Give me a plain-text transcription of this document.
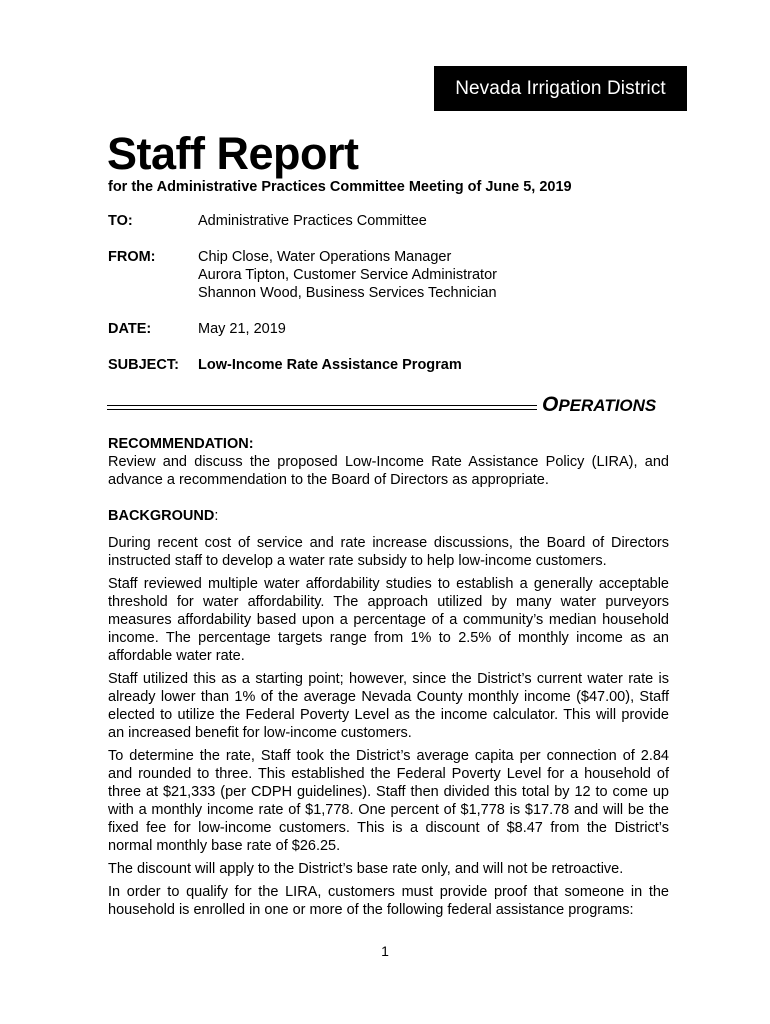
Nevada Irrigation District
Staff Report
for the Administrative Practices Committee Meeting of June 5, 2019
TO:	Administrative Practices Committee
FROM:	Chip Close, Water Operations Manager
Aurora Tipton, Customer Service Administrator
Shannon Wood, Business Services Technician
DATE:	May 21, 2019
SUBJECT: Low-Income Rate Assistance Program
OPERATIONS
RECOMMENDATION:
Review and discuss the proposed Low-Income Rate Assistance Policy (LIRA), and advance a recommendation to the Board of Directors as appropriate.
BACKGROUND:
During recent cost of service and rate increase discussions, the Board of Directors instructed staff to develop a water rate subsidy to help low-income customers.
Staff reviewed multiple water affordability studies to establish a generally acceptable threshold for water affordability. The approach utilized by many water purveyors measures affordability based upon a percentage of a community’s median household income. The percentage targets range from 1% to 2.5% of monthly income as an affordable water rate.
Staff utilized this as a starting point; however, since the District’s current water rate is already lower than 1% of the average Nevada County monthly income ($47.00), Staff elected to utilize the Federal Poverty Level as the income calculator. This will provide an increased benefit for low-income customers.
To determine the rate, Staff took the District’s average capita per connection of 2.84 and rounded to three. This established the Federal Poverty Level for a household of three at $21,333 (per CDPH guidelines). Staff then divided this total by 12 to come up with a monthly income rate of $1,778. One percent of $1,778 is $17.78 and will be the fixed fee for low-income customers. This is a discount of $8.47 from the District’s normal monthly base rate of $26.25.
The discount will apply to the District’s base rate only, and will not be retroactive.
In order to qualify for the LIRA, customers must provide proof that someone in the household is enrolled in one or more of the following federal assistance programs:
1
